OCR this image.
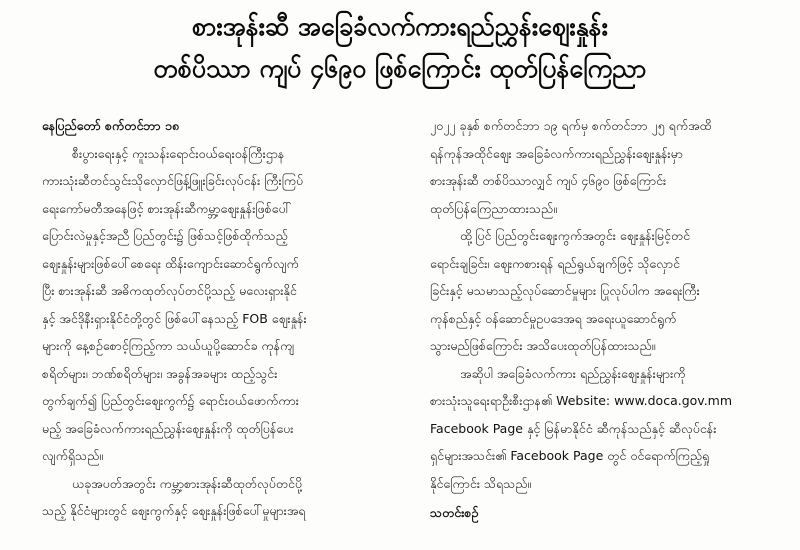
စားအုန်းဆီ အခြေခံလက်ကားရည်ညွှန်းဈေးနှုန်း
တစ်ပိဿာ ကျပ် ၄၆၉၀ ဖြစ်ကြောင်း ထုတ်ပြန်ကြေညာ

နေပြည်တော် စက်တင်ဘာ ၁၈

စီးပွားရေးနှင့် ကူးသန်းရောင်းဝယ်ရေးဝန်ကြီးဌာန

ကားသုံးဆီတင်သွင်းသိုလှောင်ဖြန့်ဖြူးခြင်းလုပ်ငန်း ကြီးကြပ်

ရေးကော်မတီအနေဖြင့် စားအုန်းဆီကမ္ဘာ့ဈေးနှုန်းဖြစ်ပေါ်

ပြောင်းလဲမှုနှင့်အညီ ပြည်တွင်း၌ ဖြစ်သင့်ဖြစ်ထိုက်သည့်

ဈေးနှုန်းများဖြစ်ပေါ်စေရေး ထိန်းကျောင်းဆောင်ရွက်လျက်

ပြီး စားအုန်းဆီ အဓိကထုတ်လုပ်တင်ပို့သည့် မလေးရှားနိုင်

နှင့် အင်ဒိုနီးရှားနိုင်ငံတို့တွင် ဖြစ်ပေါ်နေသည့် FOB ဈေးနှုန်း

များကို နေ့စဉ်စောင့်ကြည့်ကာ သယ်ယူပို့ဆောင်ခ ကုန်ကျ

စရိတ်များ၊ ဘဏ်စရိတ်များ၊ အခွန်အခများ ထည့်သွင်း

တွက်ချက်၍ ပြည်တွင်းဈေးကွက်၌ ရောင်းဝယ်ဖောက်ကား

မည့် အခြေခံလက်ကားရည်ညွှန်းဈေးနှုန်းကို ထုတ်ပြန်ပေး

လျက်ရှိသည်။

ယခုအပတ်အတွင်း ကမ္ဘာ့စားအုန်းဆီထုတ်လုပ်တင်ပို့

သည့် နိုင်ငံများတွင် ဈေးကွက်နှင့် ဈေးနှုန်းဖြစ်ပေါ်မှုများအရ

၂၀၂၂ ခုနှစ် စက်တင်ဘာ ၁၉ ရက်မှ စက်တင်ဘာ ၂၅ ရက်အထိ

ရန်ကုန်အထိုင်ဈေး အခြေခံလက်ကားရည်ညွှန်းဈေးနှုန်းမှာ

စားအုန်းဆီ တစ်ပိဿာလျှင် ကျပ် ၄၆၉၀ ဖြစ်ကြောင်း

ထုတ်ပြန်ကြေညာထားသည်။

ထို့ပြင် ပြည်တွင်းဈေးကွက်အတွင်း ဈေးနှုန်းမြင့်တင်

ရောင်းချခြင်း၊ ဈေးကစားရန် ရည်ရွယ်ချက်ဖြင့် သိုလှောင်

ခြင်းနှင့် မသမာသည့်လုပ်ဆောင်မှုများ ပြုလုပ်ပါက အရေးကြီး

ကုန်စည်နှင့် ဝန်ဆောင်မှုဥပဒေအရ အရေးယူဆောင်ရွက်

သွားမည်ဖြစ်ကြောင်း အသိပေးထုတ်ပြန်ထားသည်။

အဆိုပါ အခြေခံလက်ကား ရည်ညွှန်းဈေးနှုန်းများကို

စားသုံးသူရေးရာဦးစီးဌာန၏ Website: www.doca.gov.mm

Facebook Page နှင့် မြန်မာနိုင်ငံ ဆီကုန်သည်နှင့် ဆီလုပ်ငန်း

ရှင်များအသင်း၏ Facebook Page တွင် ဝင်ရောက်ကြည့်ရှု

နိုင်ကြောင်း သိရသည်။

သတင်းစဉ်
